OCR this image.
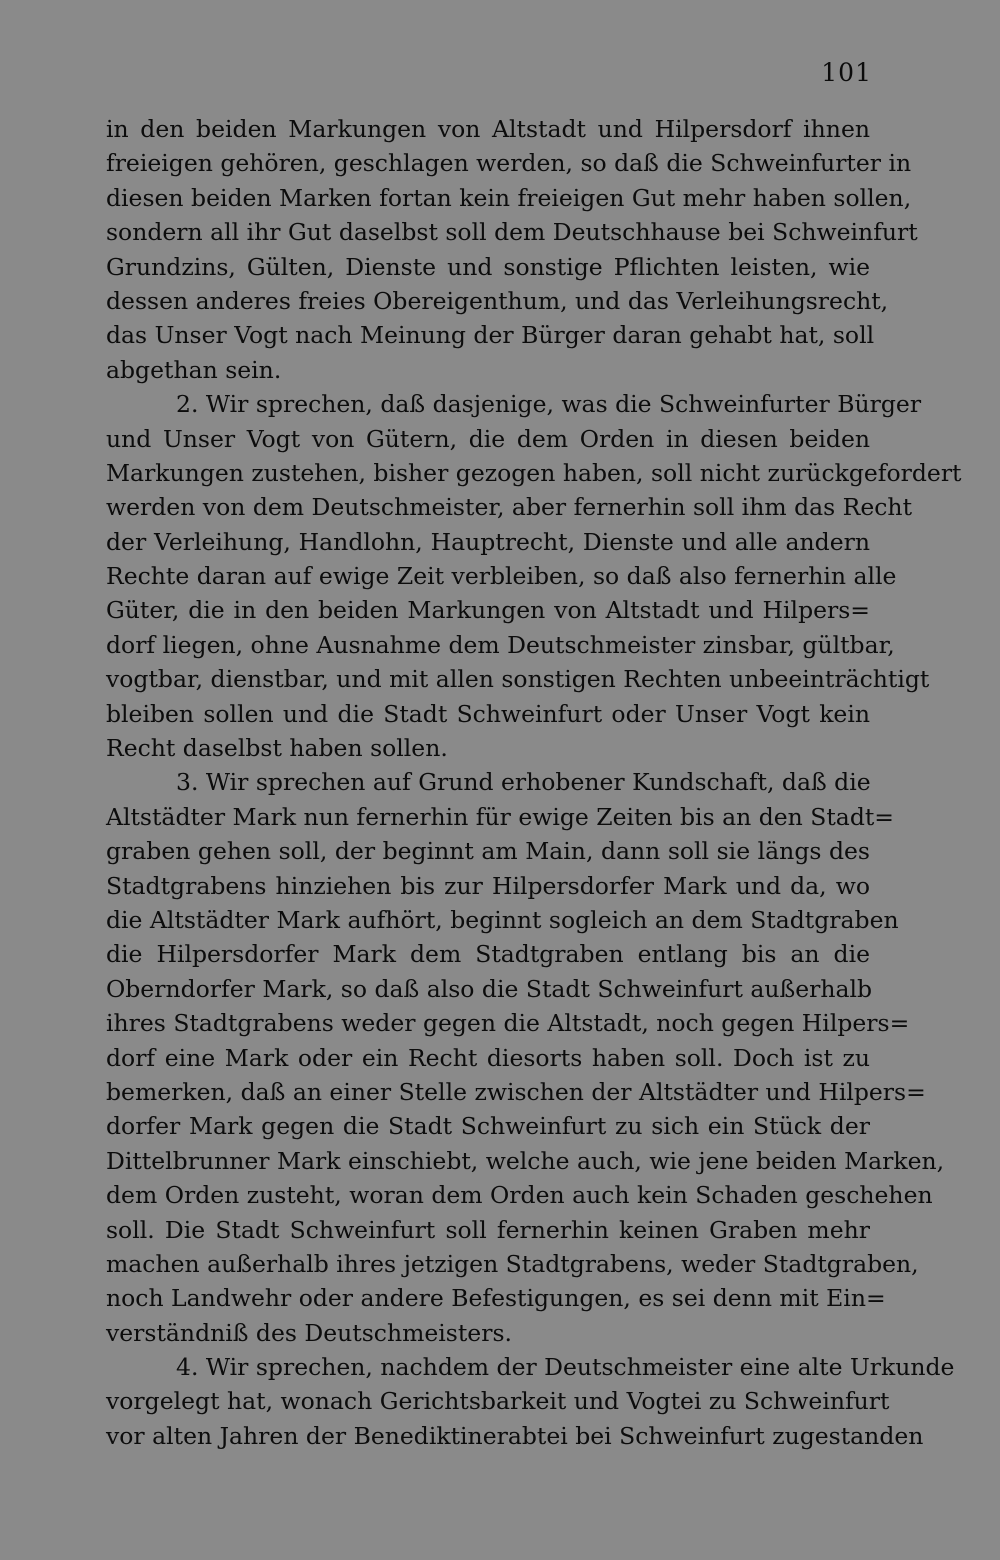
101
in den beiden Markungen von Altstadt und Hilpersdorf ihnen
freieigen gehören, geschlagen werden, so daß die Schweinfurter in
diesen beiden Marken fortan kein freieigen Gut mehr haben sollen,
sondern all ihr Gut daselbst soll dem Deutschhause bei Schweinfurt
Grundzins, Gülten, Dienste und sonstige Pflichten leisten, wie
dessen anderes freies Obereigenthum, und das Verleihungsrecht,
das Unser Vogt nach Meinung der Bürger daran gehabt hat, soll
abgethan sein.
2. Wir sprechen, daß dasjenige, was die Schweinfurter Bürger
und Unser Vogt von Gütern, die dem Orden in diesen beiden
Markungen zustehen, bisher gezogen haben, soll nicht zurückgefordert
werden von dem Deutschmeister, aber fernerhin soll ihm das Recht
der Verleihung, Handlohn, Hauptrecht, Dienste und alle andern
Rechte daran auf ewige Zeit verbleiben, so daß also fernerhin alle
Güter, die in den beiden Markungen von Altstadt und Hilpers=
dorf liegen, ohne Ausnahme dem Deutschmeister zinsbar, gültbar,
vogtbar, dienstbar, und mit allen sonstigen Rechten unbeeinträchtigt
bleiben sollen und die Stadt Schweinfurt oder Unser Vogt kein
Recht daselbst haben sollen.
3. Wir sprechen auf Grund erhobener Kundschaft, daß die
Altstädter Mark nun fernerhin für ewige Zeiten bis an den Stadt=
graben gehen soll, der beginnt am Main, dann soll sie längs des
Stadtgrabens hinziehen bis zur Hilpersdorfer Mark und da, wo
die Altstädter Mark aufhört, beginnt sogleich an dem Stadtgraben
die Hilpersdorfer Mark dem Stadtgraben entlang bis an die
Oberndorfer Mark, so daß also die Stadt Schweinfurt außerhalb
ihres Stadtgrabens weder gegen die Altstadt, noch gegen Hilpers=
dorf eine Mark oder ein Recht diesorts haben soll. Doch ist zu
bemerken, daß an einer Stelle zwischen der Altstädter und Hilpers=
dorfer Mark gegen die Stadt Schweinfurt zu sich ein Stück der
Dittelbrunner Mark einschiebt, welche auch, wie jene beiden Marken,
dem Orden zusteht, woran dem Orden auch kein Schaden geschehen
soll. Die Stadt Schweinfurt soll fernerhin keinen Graben mehr
machen außerhalb ihres jetzigen Stadtgrabens, weder Stadtgraben,
noch Landwehr oder andere Befestigungen, es sei denn mit Ein=
verständniß des Deutschmeisters.
4. Wir sprechen, nachdem der Deutschmeister eine alte Urkunde
vorgelegt hat, wonach Gerichtsbarkeit und Vogtei zu Schweinfurt
vor alten Jahren der Benediktinerabtei bei Schweinfurt zugestanden
